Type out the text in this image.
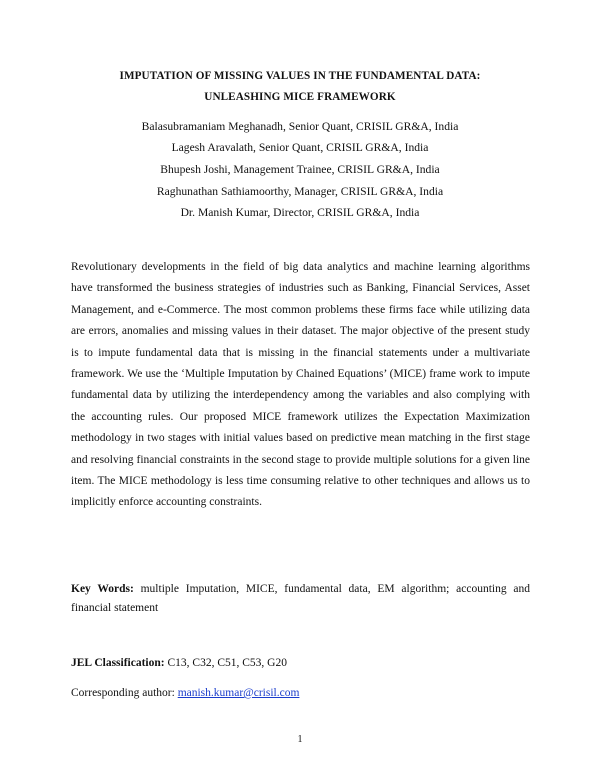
IMPUTATION OF MISSING VALUES IN THE FUNDAMENTAL DATA:
UNLEASHING MICE FRAMEWORK
Balasubramaniam Meghanadh, Senior Quant, CRISIL GR&A, India
Lagesh Aravalath, Senior Quant, CRISIL GR&A, India
Bhupesh Joshi, Management Trainee, CRISIL GR&A, India
Raghunathan Sathiamoorthy, Manager, CRISIL GR&A, India
Dr. Manish Kumar, Director, CRISIL GR&A, India

Revolutionary developments in the field of big data analytics and machine learning algorithms have transformed the business strategies of industries such as Banking, Financial Services, Asset Management, and e-Commerce. The most common problems these firms face while utilizing data are errors, anomalies and missing values in their dataset. The major objective of the present study is to impute fundamental data that is missing in the financial statements under a multivariate framework. We use the ‘Multiple Imputation by Chained Equations’ (MICE) frame work to impute fundamental data by utilizing the interdependency among the variables and also complying with the accounting rules. Our proposed MICE framework utilizes the Expectation Maximization methodology in two stages with initial values based on predictive mean matching in the first stage and resolving financial constraints in the second stage to provide multiple solutions for a given line item. The MICE methodology is less time consuming relative to other techniques and allows us to implicitly enforce accounting constraints.

Key Words: multiple Imputation, MICE, fundamental data, EM algorithm; accounting and financial statement

JEL Classification: C13, C32, C51, C53, G20
Corresponding author: manish.kumar@crisil.com
1
